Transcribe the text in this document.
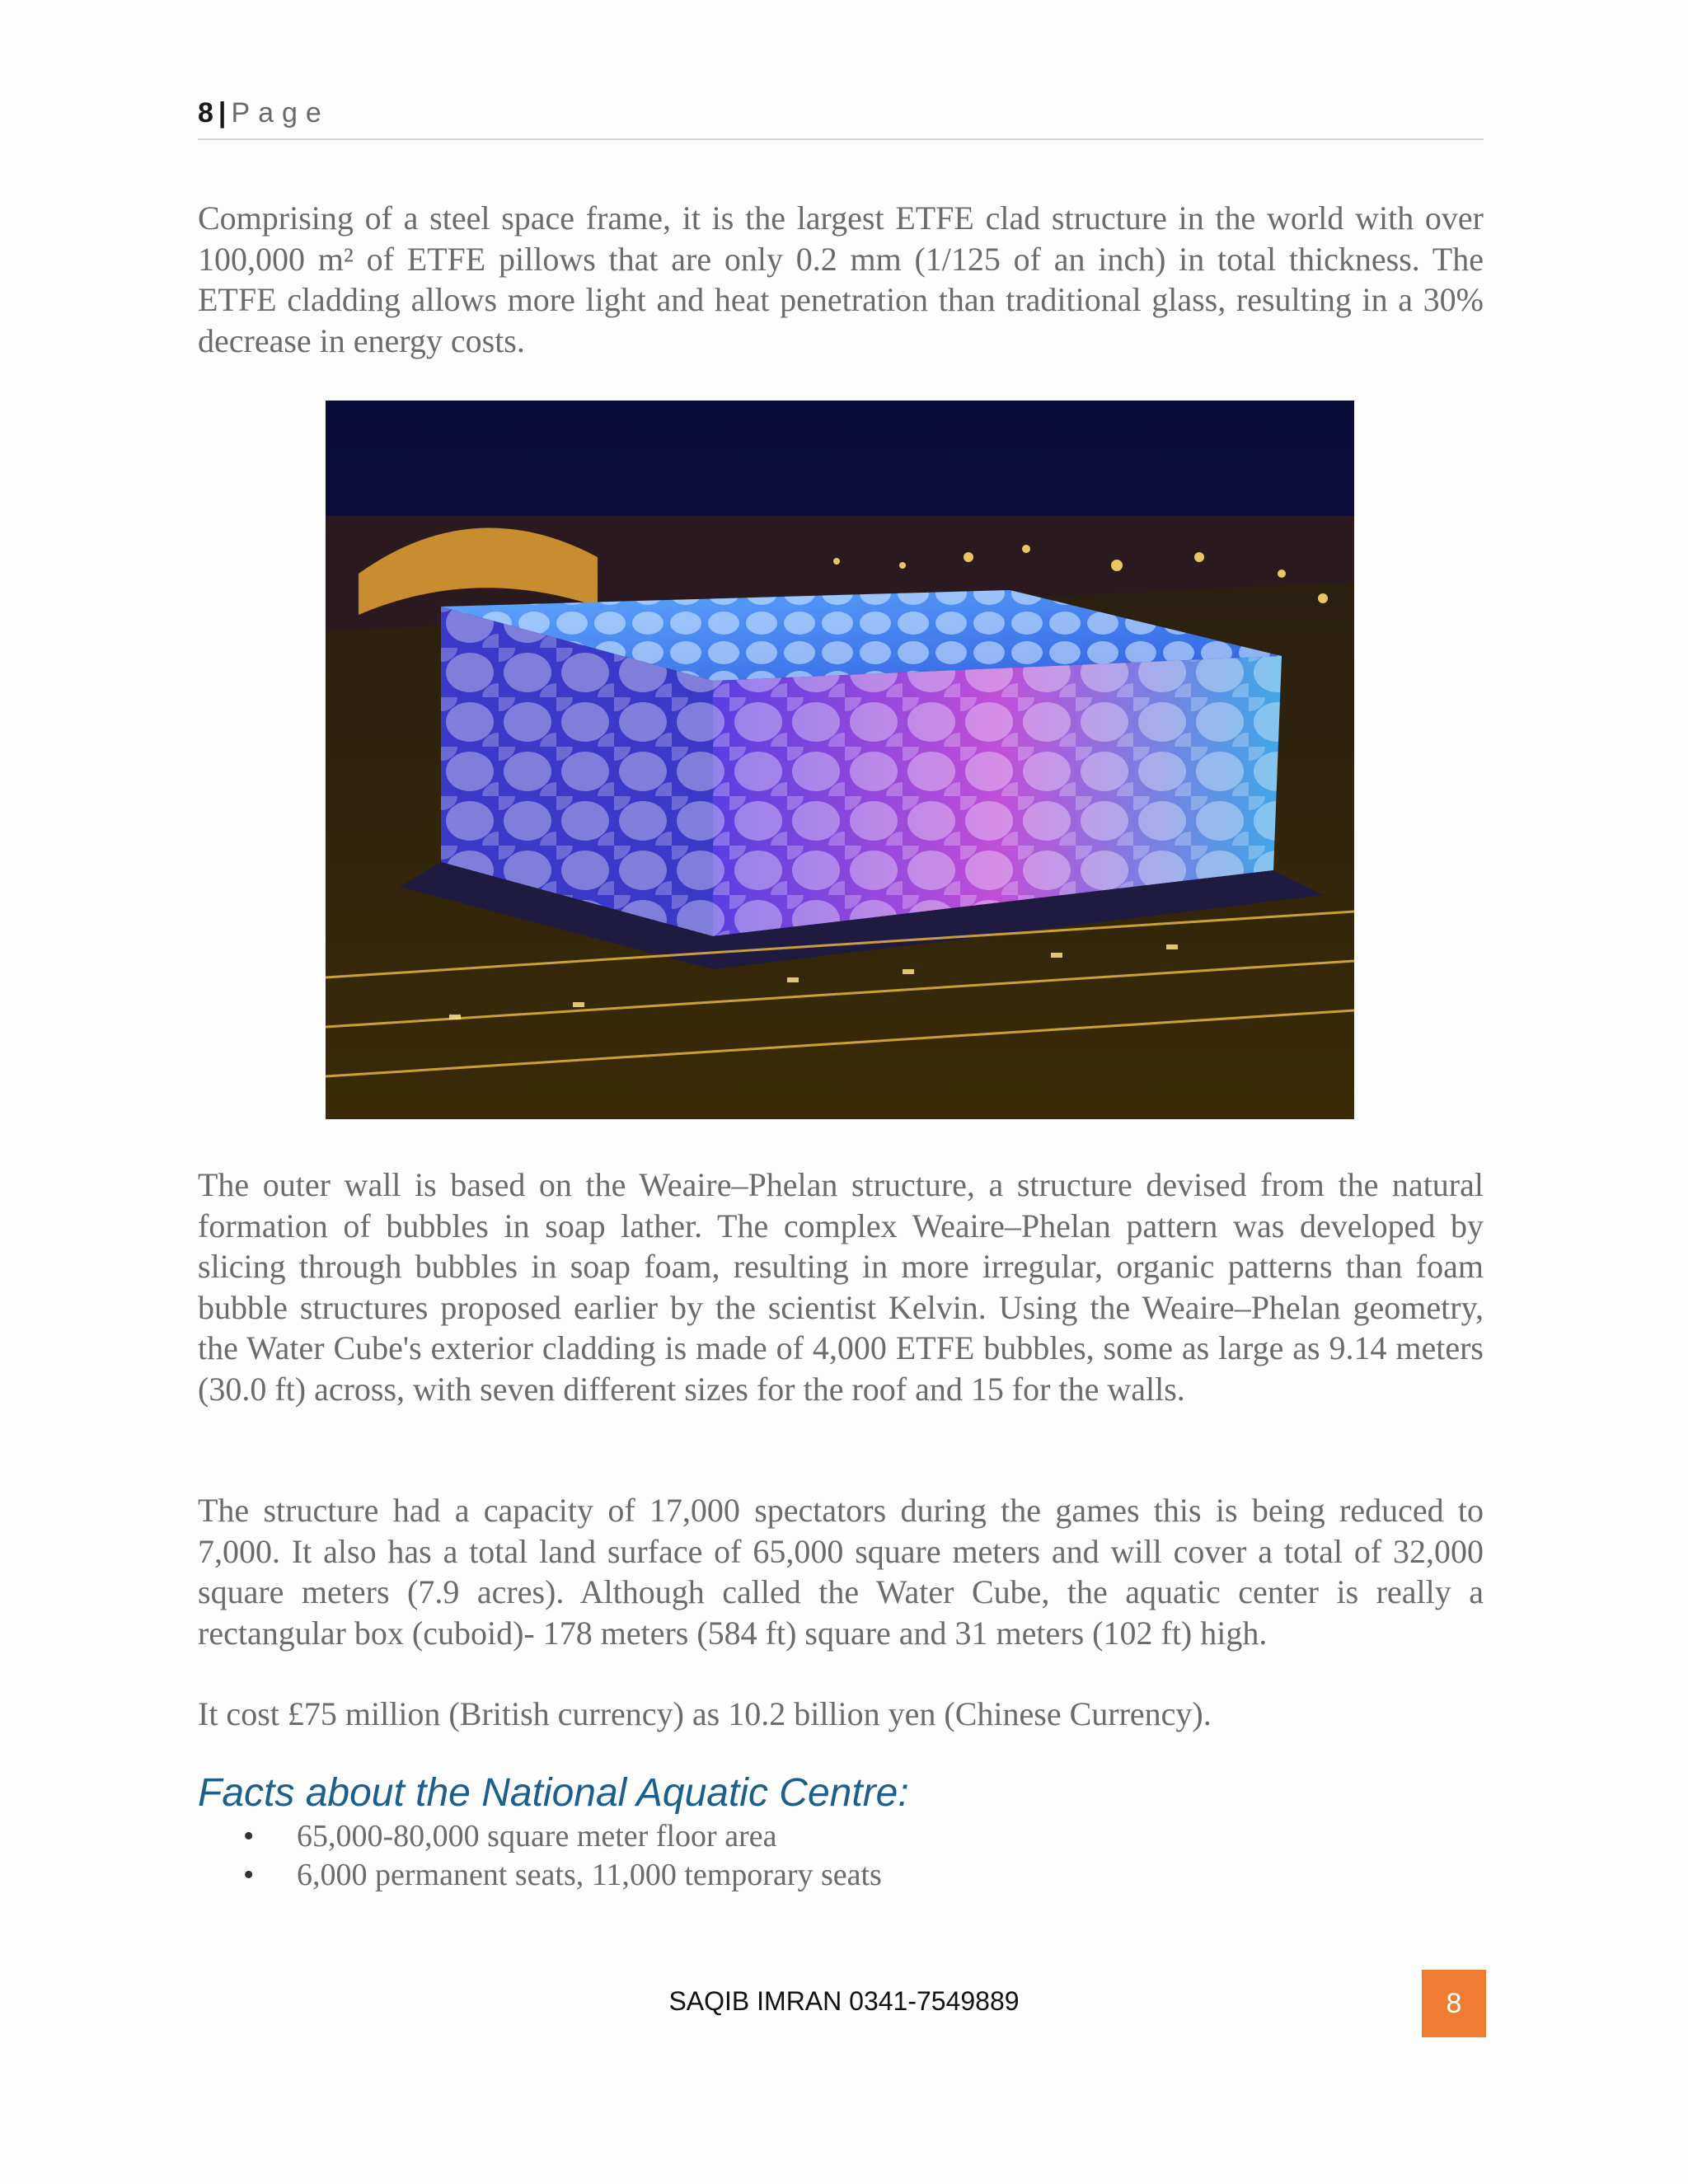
8 | Page

Comprising of a steel space frame, it is the largest ETFE clad structure in the world with over 100,000 m² of ETFE pillows that are only 0.2 mm (1/125 of an inch) in total thickness. The ETFE cladding allows more light and heat penetration than traditional glass, resulting in a 30% decrease in energy costs.

The outer wall is based on the Weaire–Phelan structure, a structure devised from the natural formation of bubbles in soap lather. The complex Weaire–Phelan pattern was developed by slicing through bubbles in soap foam, resulting in more irregular, organic patterns than foam bubble structures proposed earlier by the scientist Kelvin. Using the Weaire–Phelan geometry, the Water Cube's exterior cladding is made of 4,000 ETFE bubbles, some as large as 9.14 meters (30.0 ft) across, with seven different sizes for the roof and 15 for the walls.

The structure had a capacity of 17,000 spectators during the games this is being reduced to 7,000. It also has a total land surface of 65,000 square meters and will cover a total of 32,000 square meters (7.9 acres). Although called the Water Cube, the aquatic center is really a rectangular box (cuboid)- 178 meters (584 ft) square and 31 meters (102 ft) high.

It cost £75 million (British currency) as 10.2 billion yen (Chinese Currency).

Facts about the National Aquatic Centre:
• 65,000-80,000 square meter floor area
• 6,000 permanent seats, 11,000 temporary seats
SAQIB IMRAN 0341-7549889	8
